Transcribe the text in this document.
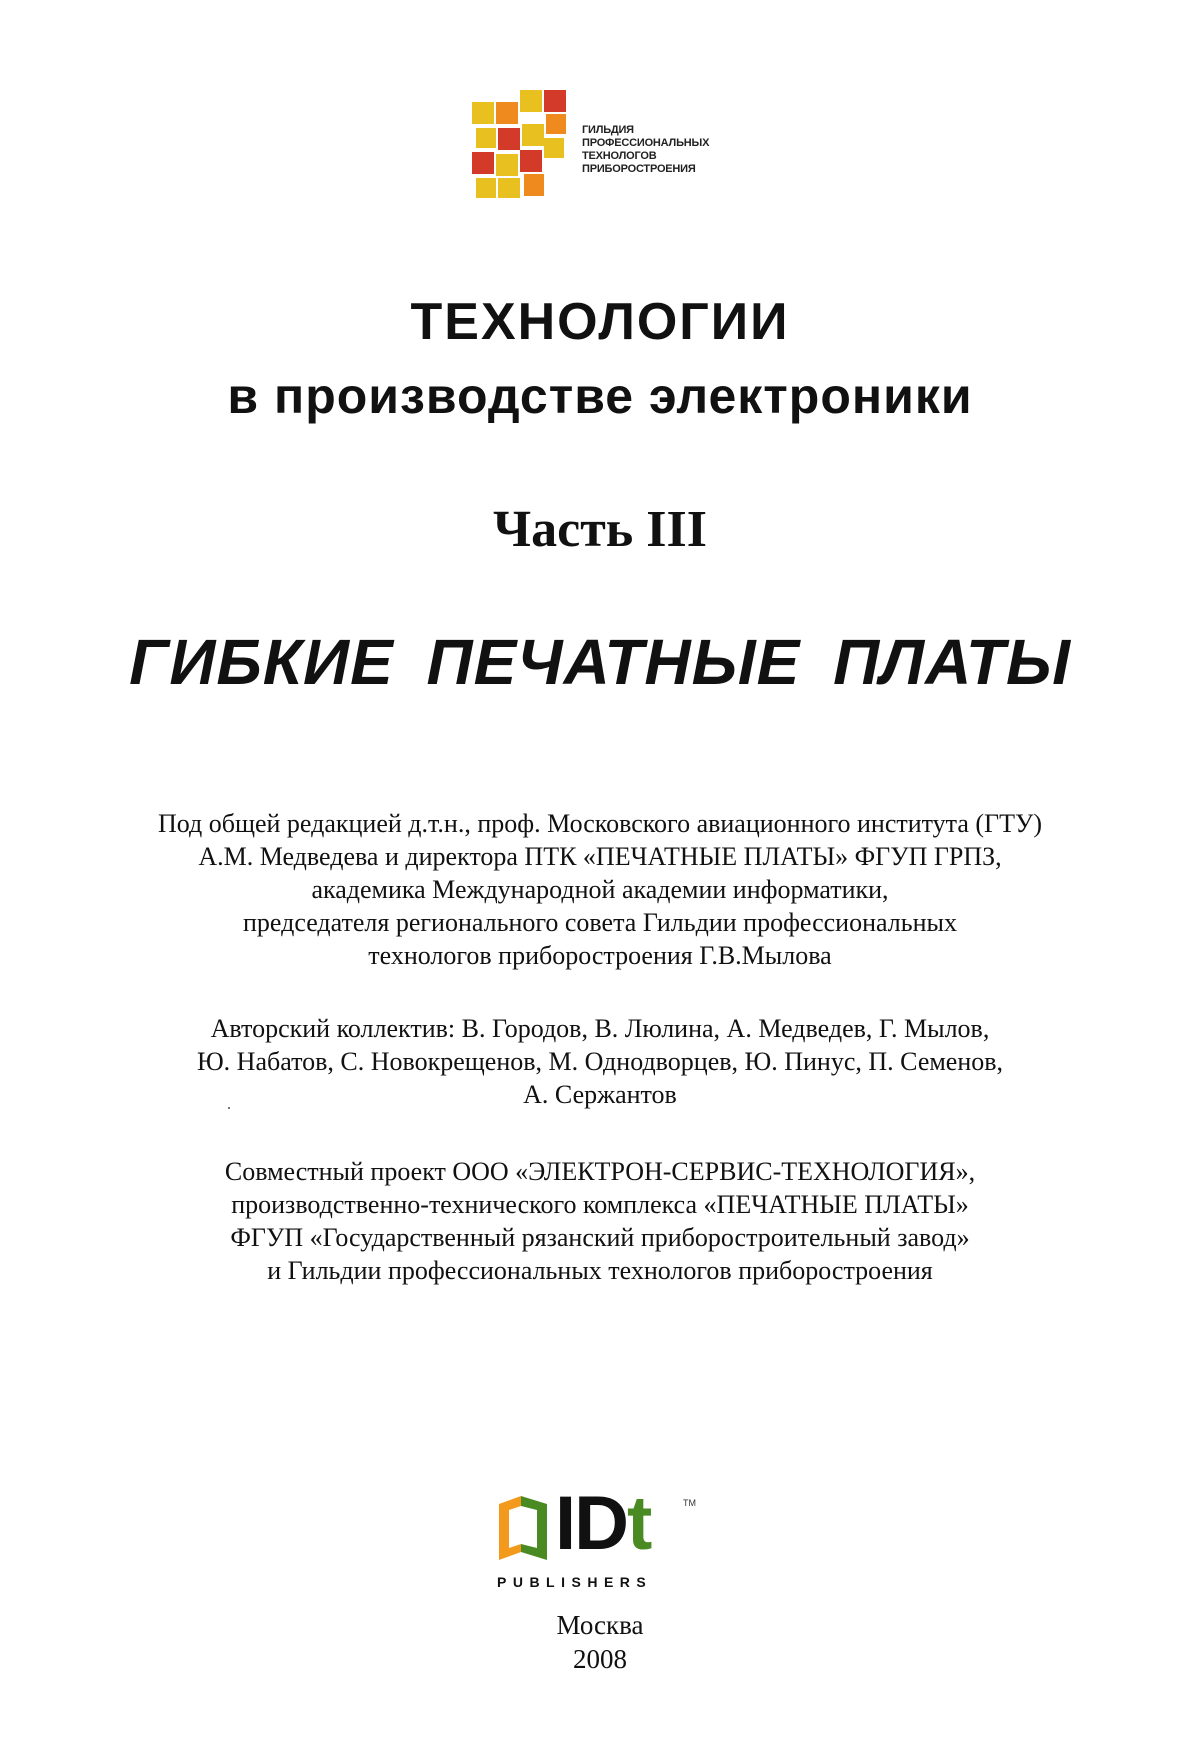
ГИЛЬДИЯ
ПРОФЕССИОНАЛЬНЫХ
ТЕХНОЛОГОВ
ПРИБОРОСТРОЕНИЯ
ТЕХНОЛОГИИ
в производстве электроники
Часть III
ГИБКИЕ ПЕЧАТНЫЕ ПЛАТЫ
Под общей редакцией д.т.н., проф. Московского авиационного института (ГТУ)
А.М. Медведева и директора ПТК «ПЕЧАТНЫЕ ПЛАТЫ» ФГУП ГРПЗ,
академика Международной академии информатики,
председателя регионального совета Гильдии профессиональных
технологов приборостроения Г.В.Мылова
Авторский коллектив: В. Городов, В. Люлина, А. Медведев, Г. Мылов,
Ю. Набатов, С. Новокрещенов, М. Однодворцев, Ю. Пинус, П. Семенов,
А. Сержантов
Совместный проект ООО «ЭЛЕКТРОН-СЕРВИС-ТЕХНОЛОГИЯ»,
производственно-технического комплекса «ПЕЧАТНЫЕ ПЛАТЫ»
ФГУП «Государственный рязанский приборостроительный завод»
и Гильдии профессиональных технологов приборостроения
IDt	TM
PUBLISHERS
Москва
2008
